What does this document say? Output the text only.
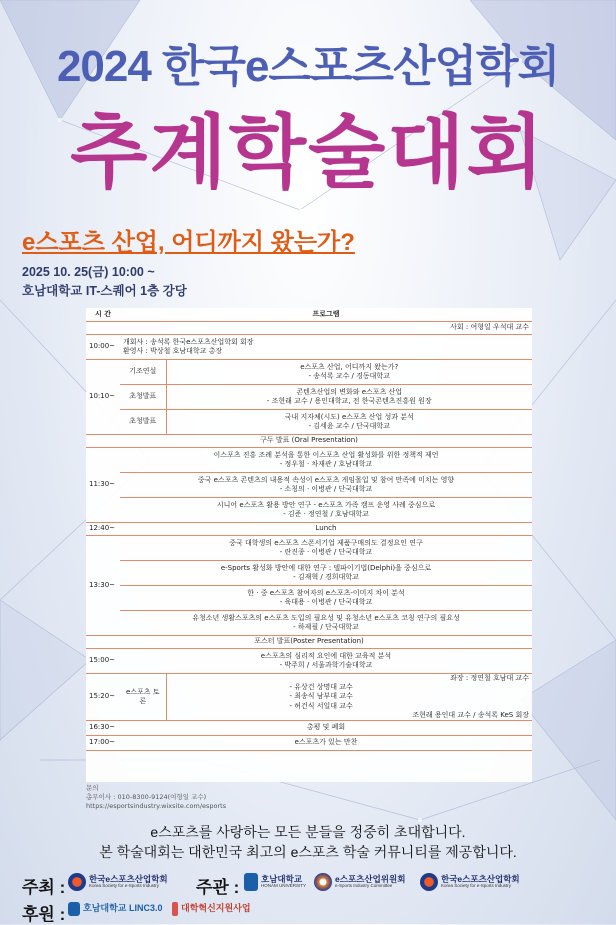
2024 한국e스포츠산업학회
추계학술대회
e스포츠 산업, 어디까지 왔는가?
2025 10. 25(금) 10:00 ~
호남대학교 IT-스퀘어 1층 강당
시 간	프로그램	
	사회 : 여형일 우석대 교수	
10:00~	개회사 : 송석록 한국e스포츠산업학회 회장
환영사 : 박상철 호남대학교 총장	

10:10~	기조연설	e스포츠 산업, 어디까지 왔는가?
- 송석록 교수 / 경동대학교

	초청발표	콘텐츠산업의 변화와 e스포츠 산업
- 조현래 교수 / 용인대학교, 전 한국콘텐츠진흥원 원장

	초청발표	국내 지자체(시도) e스포츠 산업 성과 분석
- 김세윤 교수 / 단국대학교

구두 발표 (Oral Presentation)		
11:30~	이스포츠 진흥 조례 분석을 통한 이스포츠 산업 활성화를 위한 정책적 제언
- 정우철 · 차재관 / 호남대학교	

	중국 e스포츠 콘텐츠의 내용적 속성이 e스포츠 게임몰입 및 참여 만족에 미치는 영향
- 소칭의 · 이병관 / 단국대학교	

	시니어 e스포츠 활용 방안 연구 - e스포츠 가족 캠프 운영 사례 중심으로
- 김준 · 정연철 / 호남대학교	

12:40~	Lunch	
13:30~	중국 대학생의 e스포츠 스폰서기업 제품구매의도 결정요인 연구
- 란진종 · 이병관 / 단국대학교	

	e-Sports 활성화 방안에 대한 연구 : 델파이기법(Delphi)을 중심으로
- 김재혁 / 경희대학교	

	한 · 중 e스포츠 참여자의 e스포츠-이미지 차이 분석
- 육대용 · 이병관 / 단국대학교	

	유청소년 생활스포츠의 e스포츠 도입의 필요성 및 유청소년 e스포츠 코칭 연구의 필요성
- 하제필 / 단국대학교	

포스터 발표(Poster Presentation)		
15:00~	e스포츠의 심리적 요인에 대한 교육적 분석
- 박주희 / 서울과학기술대학교	

15:20~	e스포츠 토론	좌장 : 정연철 호남대 교수
- 유상건 상명대 교수
- 최송식 남부대 교수
- 허건식 서일대 교수
조현래 용인대 교수 / 송석록 KeS 회장

16:30~	총평 및 폐회	
17:00~	e스포츠가 있는 만찬	
문의
총무이사 : 010-8300-9124(여형일 교수)
https://esportsindustry.wixsite.com/esports
e스포츠를 사랑하는 모든 분들을 정중히 초대합니다.
본 학술대회는 대한민국 최고의 e스포츠 학술 커뮤니티를 제공합니다.
주최 :	한국e스포츠산업학회
Korea Society for e-Sports Industry	주관 :	호남대학교
HONAM UNIVERSITY
e스포츠산업위원회
e-Sports Industry Committee
한국e스포츠산업학회
Korea Society for e-Sports Industry
후원 : 호남대학교 LINC3.0 대학혁신지원사업
